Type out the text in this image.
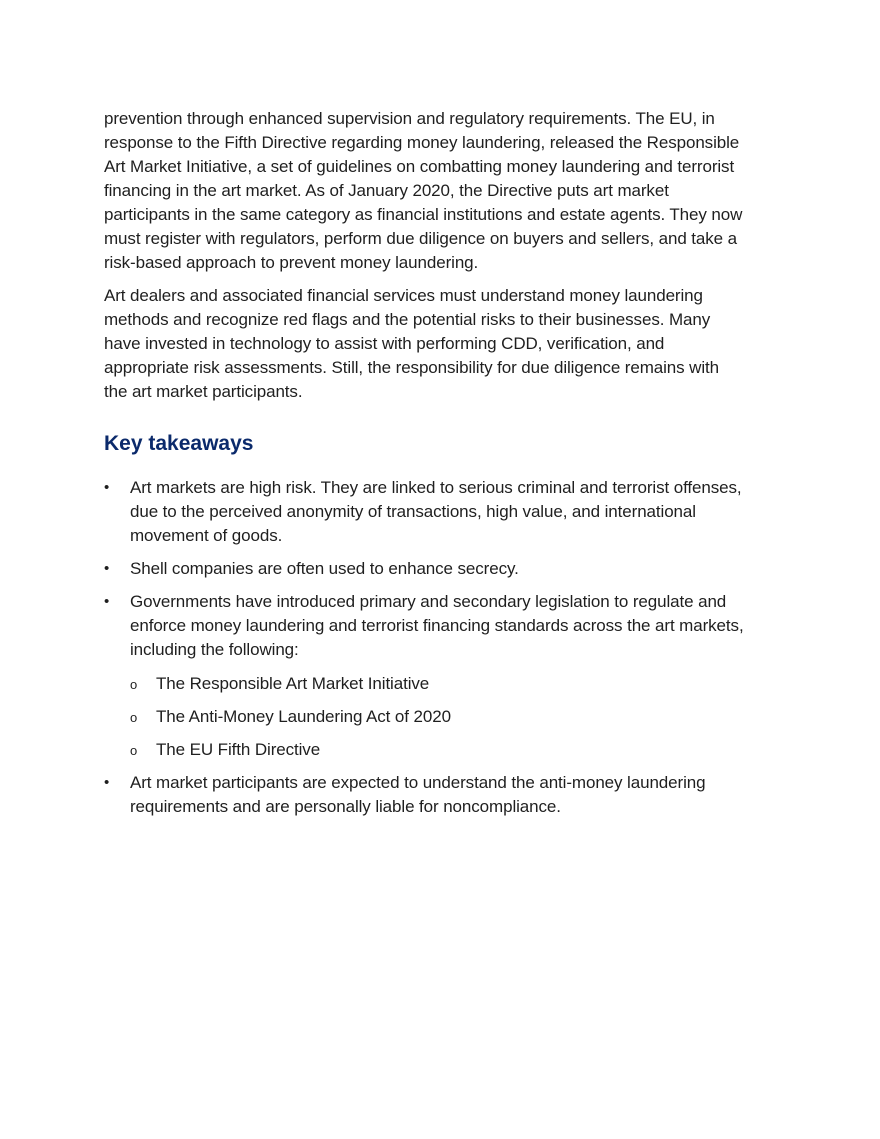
prevention through enhanced supervision and regulatory requirements. The EU, in response to the Fifth Directive regarding money laundering, released the Responsible Art Market Initiative, a set of guidelines on combatting money laundering and terrorist financing in the art market. As of January 2020, the Directive puts art market participants in the same category as financial institutions and estate agents. They now must register with regulators, perform due diligence on buyers and sellers, and take a risk-based approach to prevent money laundering.

Art dealers and associated financial services must understand money laundering methods and recognize red flags and the potential risks to their businesses. Many have invested in technology to assist with performing CDD, verification, and appropriate risk assessments. Still, the responsibility for due diligence remains with the art market participants.

Key takeaways
• Art markets are high risk. They are linked to serious criminal and terrorist offenses, due to the perceived anonymity of transactions, high value, and international movement of goods.
• Shell companies are often used to enhance secrecy.
• Governments have introduced primary and secondary legislation to regulate and enforce money laundering and terrorist financing standards across the art markets, including the following:
o The Responsible Art Market Initiative
o The Anti-Money Laundering Act of 2020
o The EU Fifth Directive
• Art market participants are expected to understand the anti-money laundering requirements and are personally liable for noncompliance.
